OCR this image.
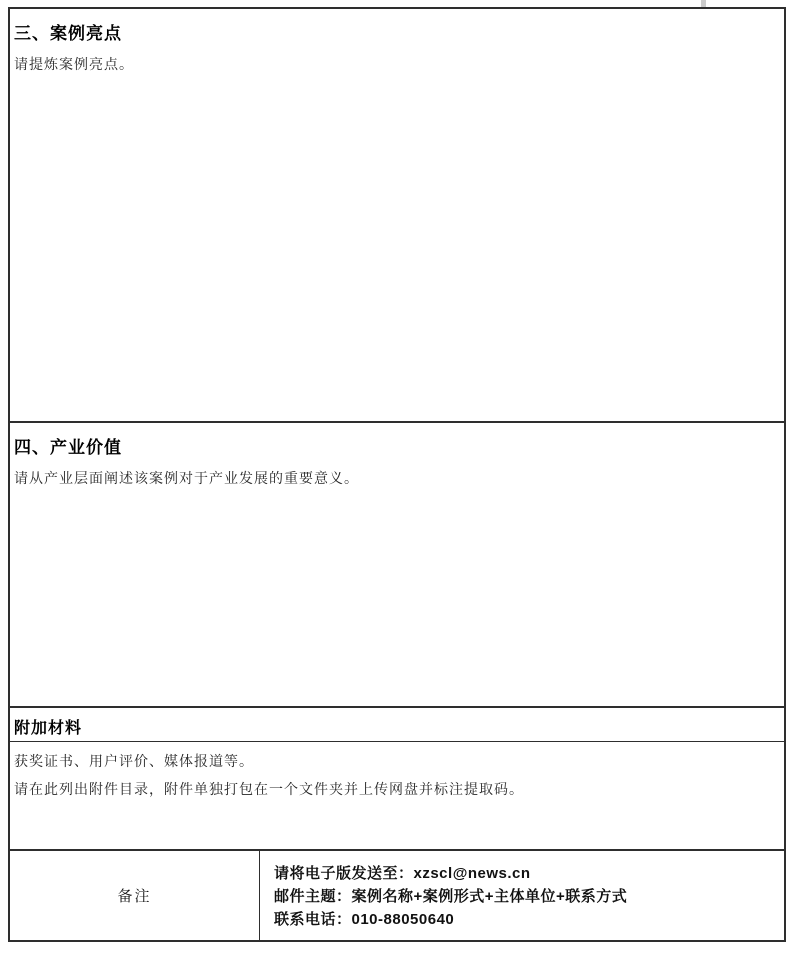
三、案例亮点
请提炼案例亮点。
四、产业价值
请从产业层面阐述该案例对于产业发展的重要意义。
附加材料
获奖证书、用户评价、媒体报道等。
请在此列出附件目录，附件单独打包在一个文件夹并上传网盘并标注提取码。
备注
请将电子版发送至：xzscl@news.cn
邮件主题：案例名称+案例形式+主体单位+联系方式
联系电话：010-88050640
